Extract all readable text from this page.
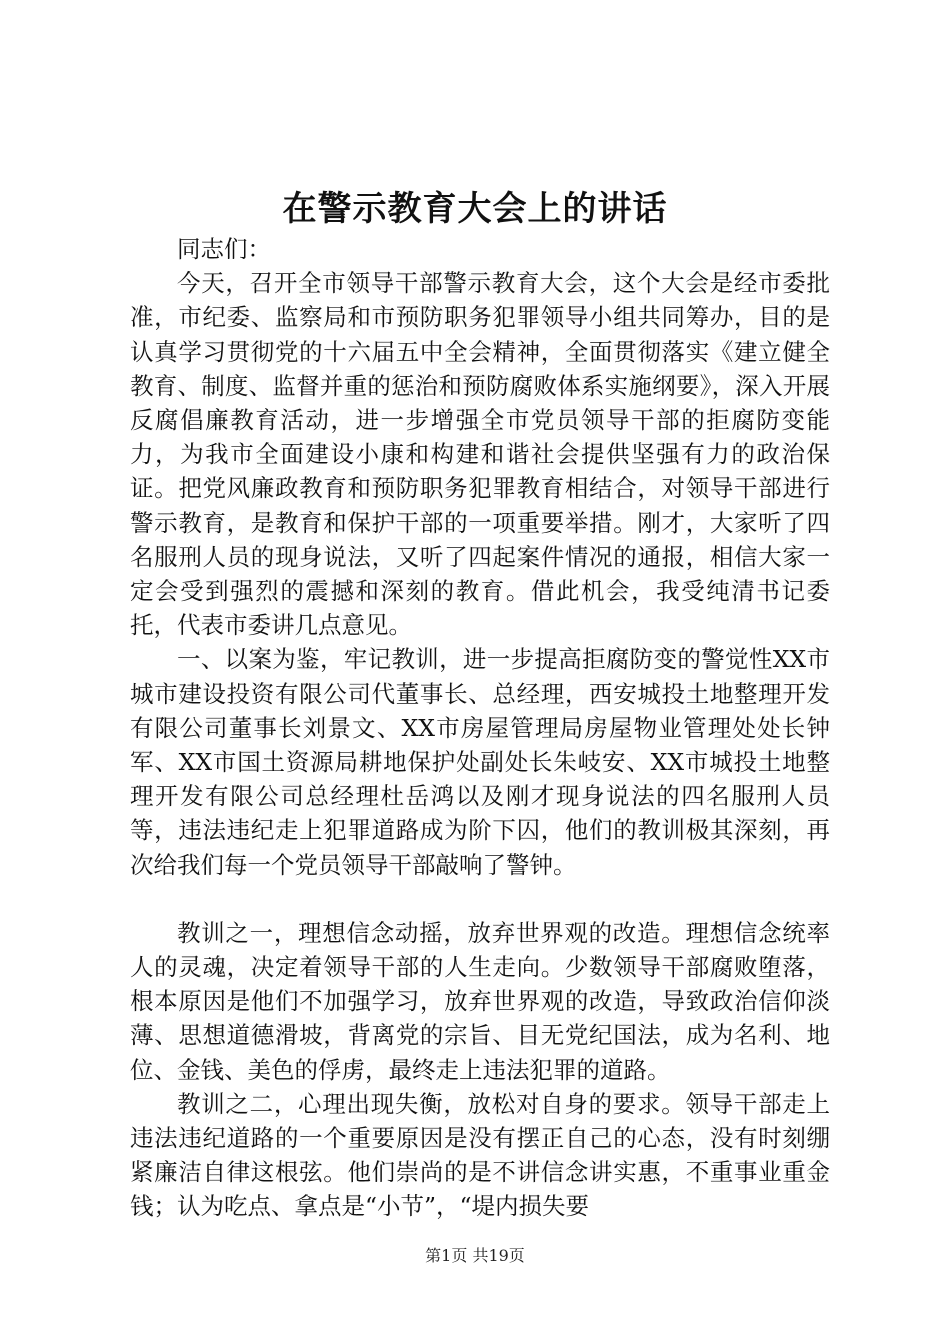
在警示教育大会上的讲话

同志们：

今天，召开全市领导干部警示教育大会，这个大会是经市委批准，市纪委、监察局和市预防职务犯罪领导小组共同筹办，目的是认真学习贯彻党的十六届五中全会精神，全面贯彻落实《建立健全教育、制度、监督并重的惩治和预防腐败体系实施纲要》，深入开展反腐倡廉教育活动，进一步增强全市党员领导干部的拒腐防变能力，为我市全面建设小康和构建和谐社会提供坚强有力的政治保证。把党风廉政教育和预防职务犯罪教育相结合，对领导干部进行警示教育，是教育和保护干部的一项重要举措。刚才，大家听了四名服刑人员的现身说法，又听了四起案件情况的通报，相信大家一定会受到强烈的震撼和深刻的教育。借此机会，我受纯清书记委托，代表市委讲几点意见。

一、以案为鉴，牢记教训，进一步提高拒腐防变的警觉性XX市城市建设投资有限公司代董事长、总经理，西安城投土地整理开发有限公司董事长刘景文、XX市房屋管理局房屋物业管理处处长钟军、XX市国土资源局耕地保护处副处长朱岐安、XX市城投土地整理开发有限公司总经理杜岳鸿以及刚才现身说法的四名服刑人员等，违法违纪走上犯罪道路成为阶下囚，他们的教训极其深刻，再次给我们每一个党员领导干部敲响了警钟。

教训之一，理想信念动摇，放弃世界观的改造。理想信念统率人的灵魂，决定着领导干部的人生走向。少数领导干部腐败堕落，根本原因是他们不加强学习，放弃世界观的改造，导致政治信仰淡薄、思想道德滑坡，背离党的宗旨、目无党纪国法，成为名利、地位、金钱、美色的俘虏，最终走上违法犯罪的道路。

教训之二，心理出现失衡，放松对自身的要求。领导干部走上违法违纪道路的一个重要原因是没有摆正自己的心态，没有时刻绷紧廉洁自律这根弦。他们崇尚的是不讲信念讲实惠，不重事业重金钱；认为吃点、拿点是“小节”，“堤内损失要

第1页 共19页
